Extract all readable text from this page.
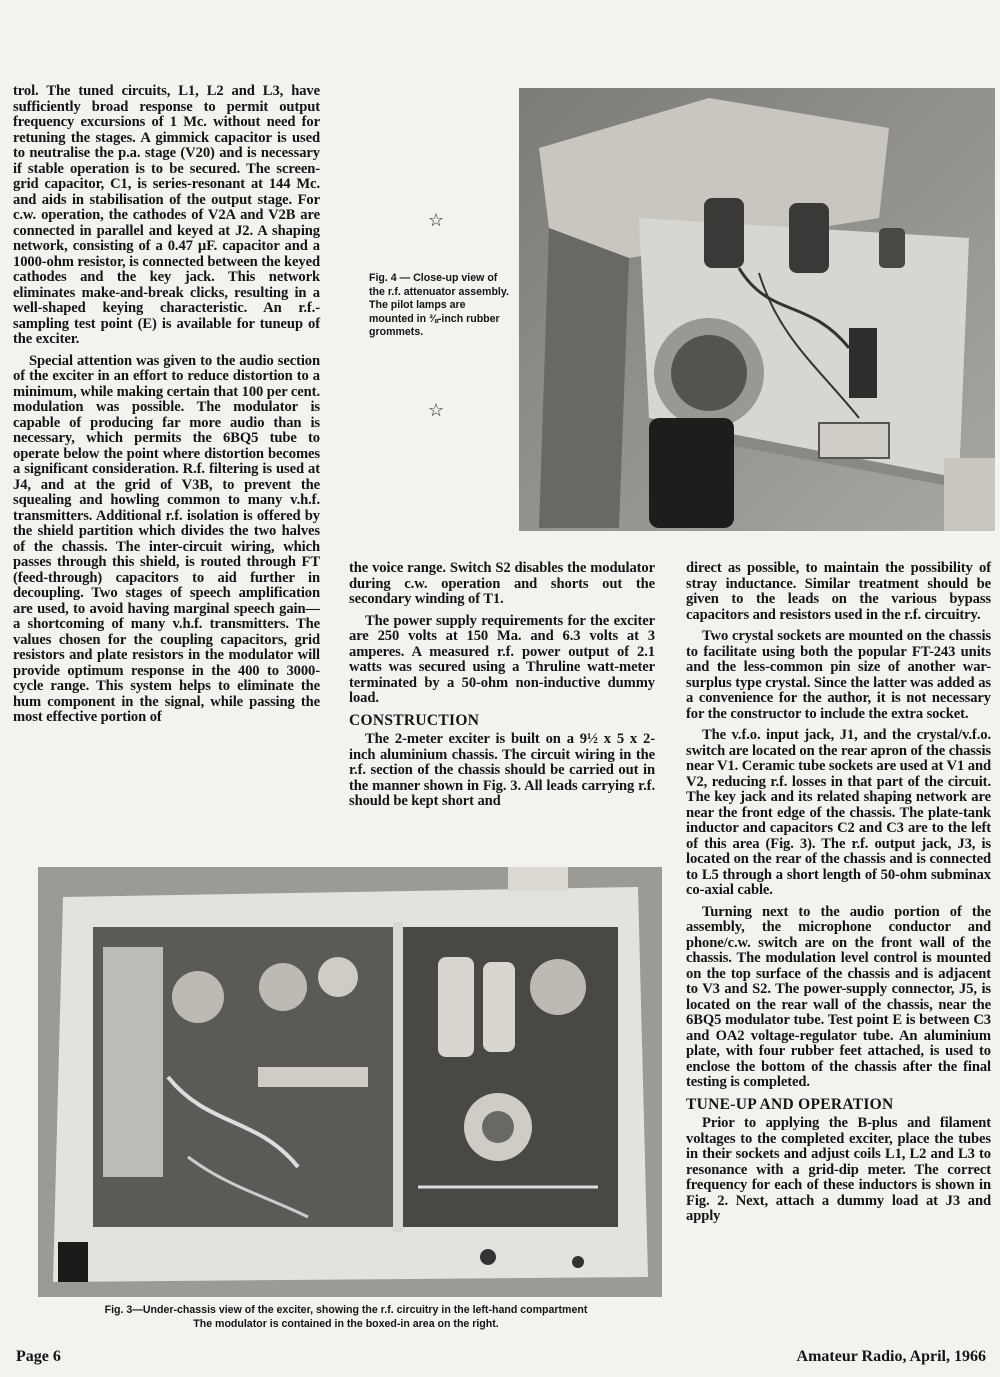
trol. The tuned circuits, L1, L2 and L3, have sufficiently broad response to permit output frequency excursions of 1 Mc. without need for retuning the stages. A gimmick capacitor is used to neutralise the p.a. stage (V20) and is necessary if stable operation is to be secured. The screen-grid capacitor, C1, is series-resonant at 144 Mc. and aids in stabilisation of the output stage. For c.w. operation, the cathodes of V2A and V2B are connected in parallel and keyed at J2. A shaping network, consisting of a 0.47 µF. capacitor and a 1000-ohm resistor, is connected between the keyed cathodes and the key jack. This network eliminates make-and-break clicks, resulting in a well-shaped keying characteristic. An r.f.-sampling test point (E) is available for tuneup of the exciter.

Special attention was given to the audio section of the exciter in an effort to reduce distortion to a minimum, while making certain that 100 per cent. modulation was possible. The modulator is capable of producing far more audio than is necessary, which permits the 6BQ5 tube to operate below the point where distortion becomes a significant consideration. R.f. filtering is used at J4, and at the grid of V3B, to prevent the squealing and howling common to many v.h.f. transmitters. Additional r.f. isolation is offered by the shield partition which divides the two halves of the chassis. The inter-circuit wiring, which passes through this shield, is routed through FT (feed-through) capacitors to aid further in decoupling. Two stages of speech amplification are used, to avoid having marginal speech gain—a shortcoming of many v.h.f. transmitters. The values chosen for the coupling capacitors, grid resistors and plate resistors in the modulator will provide optimum response in the 400 to 3000-cycle range. This system helps to eliminate the hum component in the signal, while passing the most effective portion of

☆

Fig. 4 — Close-up view of the r.f. attenuator assembly. The pilot lamps are mounted in ⅜-inch rubber grommets.

☆

the voice range. Switch S2 disables the modulator during c.w. operation and shorts out the secondary winding of T1.

The power supply requirements for the exciter are 250 volts at 150 Ma. and 6.3 volts at 3 amperes. A measured r.f. power output of 2.1 watts was secured using a Thruline watt-meter terminated by a 50-ohm non-inductive dummy load.

CONSTRUCTION

The 2-meter exciter is built on a 9½ x 5 x 2-inch aluminium chassis. The circuit wiring in the r.f. section of the chassis should be carried out in the manner shown in Fig. 3. All leads carrying r.f. should be kept short and

direct as possible, to maintain the possibility of stray inductance. Similar treatment should be given to the leads on the various bypass capacitors and resistors used in the r.f. circuitry.

Two crystal sockets are mounted on the chassis to facilitate using both the popular FT-243 units and the less-common pin size of another war-surplus type crystal. Since the latter was added as a convenience for the author, it is not necessary for the constructor to include the extra socket.

The v.f.o. input jack, J1, and the crystal/v.f.o. switch are located on the rear apron of the chassis near V1. Ceramic tube sockets are used at V1 and V2, reducing r.f. losses in that part of the circuit. The key jack and its related shaping network are near the front edge of the chassis. The plate-tank inductor and capacitors C2 and C3 are to the left of this area (Fig. 3). The r.f. output jack, J3, is located on the rear of the chassis and is connected to L5 through a short length of 50-ohm subminax co-axial cable.

Turning next to the audio portion of the assembly, the microphone conductor and phone/c.w. switch are on the front wall of the chassis. The modulation level control is mounted on the top surface of the chassis and is adjacent to V3 and S2. The power-supply connector, J5, is located on the rear wall of the chassis, near the 6BQ5 modulator tube. Test point E is between C3 and OA2 voltage-regulator tube. An aluminium plate, with four rubber feet attached, is used to enclose the bottom of the chassis after the final testing is completed.

TUNE-UP AND OPERATION

Prior to applying the B-plus and filament voltages to the completed exciter, place the tubes in their sockets and adjust coils L1, L2 and L3 to resonance with a grid-dip meter. The correct frequency for each of these inductors is shown in Fig. 2. Next, attach a dummy load at J3 and apply

Fig. 3—Under-chassis view of the exciter, showing the r.f. circuitry in the left-hand compartment

The modulator is contained in the boxed-in area on the right.

Page 6	Amateur Radio, April, 1966
